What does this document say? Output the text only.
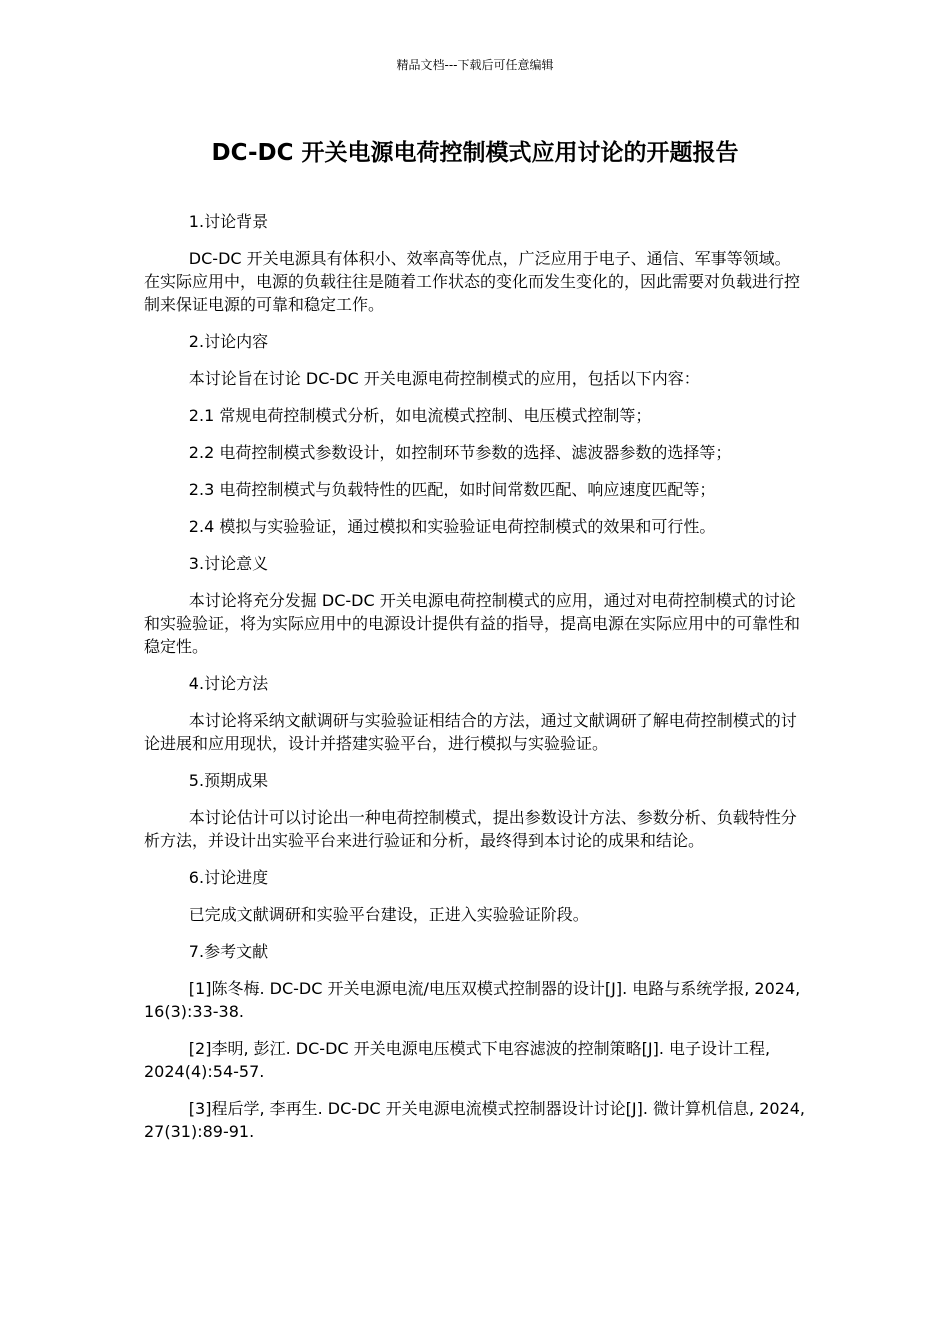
精品文档---下载后可任意编辑
DC-DC 开关电源电荷控制模式应用讨论的开题报告

1.讨论背景

DC-DC 开关电源具有体积小、效率高等优点，广泛应用于电子、通信、军事等领域。在实际应用中，电源的负载往往是随着工作状态的变化而发生变化的，因此需要对负载进行控制来保证电源的可靠和稳定工作。

2.讨论内容

本讨论旨在讨论 DC-DC 开关电源电荷控制模式的应用，包括以下内容：

2.1 常规电荷控制模式分析，如电流模式控制、电压模式控制等；

2.2 电荷控制模式参数设计，如控制环节参数的选择、滤波器参数的选择等；

2.3 电荷控制模式与负载特性的匹配，如时间常数匹配、响应速度匹配等；

2.4 模拟与实验验证，通过模拟和实验验证电荷控制模式的效果和可行性。

3.讨论意义

本讨论将充分发掘 DC-DC 开关电源电荷控制模式的应用，通过对电荷控制模式的讨论和实验验证，将为实际应用中的电源设计提供有益的指导，提高电源在实际应用中的可靠性和稳定性。

4.讨论方法

本讨论将采纳文献调研与实验验证相结合的方法，通过文献调研了解电荷控制模式的讨论进展和应用现状，设计并搭建实验平台，进行模拟与实验验证。

5.预期成果

本讨论估计可以讨论出一种电荷控制模式，提出参数设计方法、参数分析、负载特性分析方法，并设计出实验平台来进行验证和分析，最终得到本讨论的成果和结论。

6.讨论进度

已完成文献调研和实验平台建设，正进入实验验证阶段。

7.参考文献

[1]陈冬梅. DC-DC 开关电源电流/电压双模式控制器的设计[J]. 电路与系统学报, 2024, 16(3):33-38.

[2]李明, 彭江. DC-DC 开关电源电压模式下电容滤波的控制策略[J]. 电子设计工程, 2024(4):54-57.

[3]程后学, 李再生. DC-DC 开关电源电流模式控制器设计讨论[J]. 微计算机信息, 2024, 27(31):89-91.
